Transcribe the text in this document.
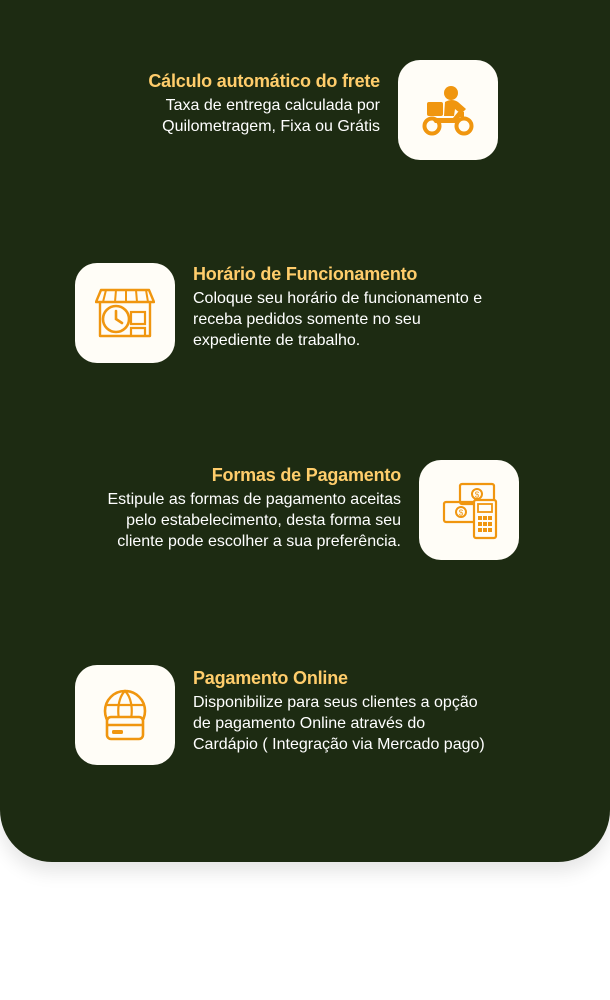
Cálculo automático do frete
Taxa de entrega calculada por Quilometragem, Fixa ou Grátis
Horário de Funcionamento
Coloque seu horário de funcionamento e receba pedidos somente no seu expediente de trabalho.
Formas de Pagamento
Estipule as formas de pagamento aceitas pelo estabelecimento, desta forma seu cliente pode escolher a sua preferência.
$
$
Pagamento Online
Disponibilize para seus clientes a opção de pagamento Online através do Cardápio ( Integração via Mercado pago)
